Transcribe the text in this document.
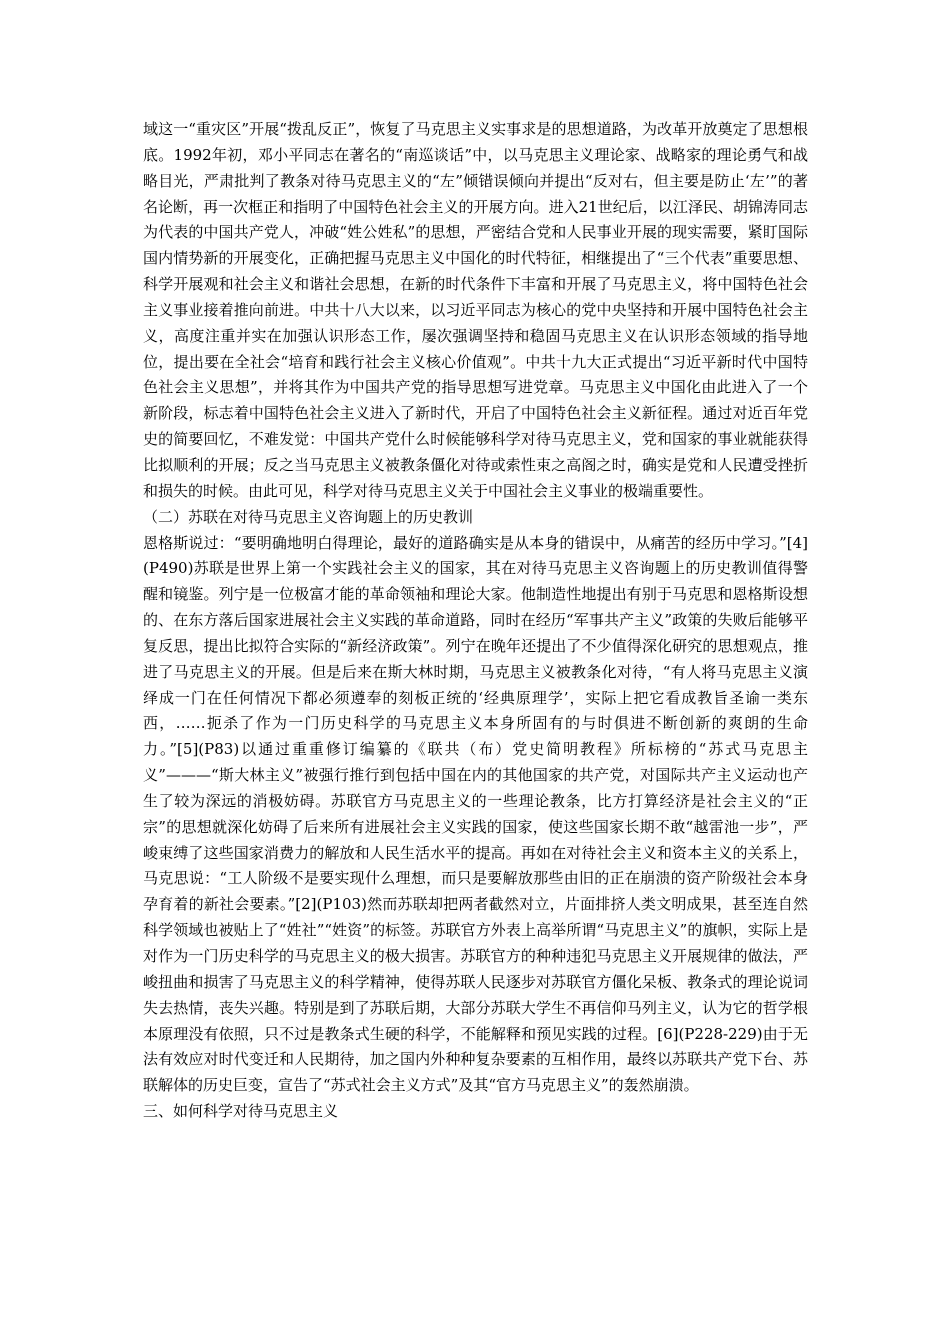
域这一“重灾区”开展“拨乱反正”，恢复了马克思主义实事求是的思想道路，为改革开放奠定了思想根底。1992年初，邓小平同志在著名的“南巡谈话”中，以马克思主义理论家、战略家的理论勇气和战略目光，严肃批判了教条对待马克思主义的“左”倾错误倾向并提出“反对右，但主要是防止‘左’”的著名论断，再一次框正和指明了中国特色社会主义的开展方向。进入21世纪后，以江泽民、胡锦涛同志为代表的中国共产党人，冲破“姓公姓私”的思想，严密结合党和人民事业开展的现实需要，紧盯国际国内情势新的开展变化，正确把握马克思主义中国化的时代特征，相继提出了“三个代表”重要思想、科学开展观和社会主义和谐社会思想，在新的时代条件下丰富和开展了马克思主义，将中国特色社会主义事业接着推向前进。中共十八大以来，以习近平同志为核心的党中央坚持和开展中国特色社会主义，高度注重并实在加强认识形态工作，屡次强调坚持和稳固马克思主义在认识形态领域的指导地位，提出要在全社会“培育和践行社会主义核心价值观”。中共十九大正式提出“习近平新时代中国特色社会主义思想”，并将其作为中国共产党的指导思想写进党章。马克思主义中国化由此进入了一个新阶段，标志着中国特色社会主义进入了新时代，开启了中国特色社会主义新征程。通过对近百年党史的简要回忆，不难发觉：中国共产党什么时候能够科学对待马克思主义，党和国家的事业就能获得比拟顺利的开展；反之当马克思主义被教条僵化对待或索性束之高阁之时，确实是党和人民遭受挫折和损失的时候。由此可见，科学对待马克思主义关于中国社会主义事业的极端重要性。

（二）苏联在对待马克思主义咨询题上的历史教训

恩格斯说过：“要明确地明白得理论，最好的道路确实是从本身的错误中，从痛苦的经历中学习。”[4](P490)苏联是世界上第一个实践社会主义的国家，其在对待马克思主义咨询题上的历史教训值得警醒和镜鉴。列宁是一位极富才能的革命领袖和理论大家。他制造性地提出有别于马克思和恩格斯设想的、在东方落后国家进展社会主义实践的革命道路，同时在经历“军事共产主义”政策的失败后能够平复反思，提出比拟符合实际的“新经济政策”。列宁在晚年还提出了不少值得深化研究的思想观点，推进了马克思主义的开展。但是后来在斯大林时期，马克思主义被教条化对待，“有人将马克思主义演绎成一门在任何情况下都必须遵奉的刻板正统的‘经典原理学’，实际上把它看成教旨圣谕一类东西，……扼杀了作为一门历史科学的马克思主义本身所固有的与时俱进不断创新的爽朗的生命力。”[5](P83)以通过重重修订编纂的《联共（布）党史简明教程》所标榜的“苏式马克思主义”———“斯大林主义”被强行推行到包括中国在内的其他国家的共产党，对国际共产主义运动也产生了较为深远的消极妨碍。苏联官方马克思主义的一些理论教条，比方打算经济是社会主义的“正宗”的思想就深化妨碍了后来所有进展社会主义实践的国家，使这些国家长期不敢“越雷池一步”，严峻束缚了这些国家消费力的解放和人民生活水平的提高。再如在对待社会主义和资本主义的关系上，马克思说：“工人阶级不是要实现什么理想，而只是要解放那些由旧的正在崩溃的资产阶级社会本身孕育着的新社会要素。”[2](P103)然而苏联却把两者截然对立，片面排挤人类文明成果，甚至连自然科学领域也被贴上了“姓社”“姓资”的标签。苏联官方外表上高举所谓“马克思主义”的旗帜，实际上是对作为一门历史科学的马克思主义的极大损害。苏联官方的种种违犯马克思主义开展规律的做法，严峻扭曲和损害了马克思主义的科学精神，使得苏联人民逐步对苏联官方僵化呆板、教条式的理论说词失去热情，丧失兴趣。特别是到了苏联后期，大部分苏联大学生不再信仰马列主义，认为它的哲学根本原理没有依照，只不过是教条式生硬的科学，不能解释和预见实践的过程。[6](P228-229)由于无法有效应对时代变迁和人民期待，加之国内外种种复杂要素的互相作用，最终以苏联共产党下台、苏联解体的历史巨变，宣告了“苏式社会主义方式”及其“官方马克思主义”的轰然崩溃。

三、如何科学对待马克思主义
